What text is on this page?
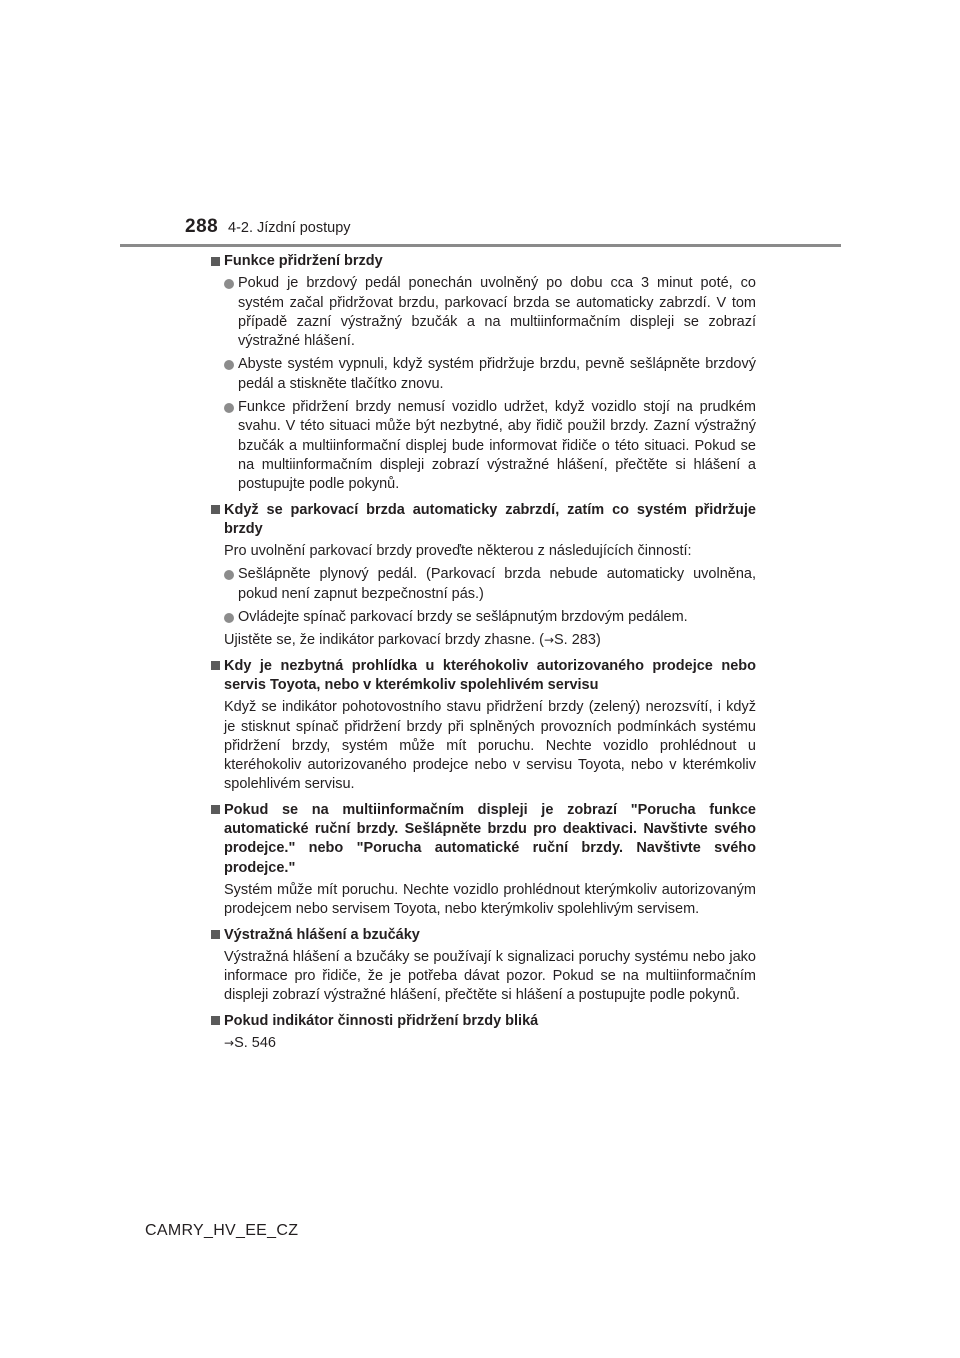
288 4-2. Jízdní postupy
Funkce přidržení brzdy
Pokud je brzdový pedál ponechán uvolněný po dobu cca 3 minut poté, co systém začal přidržovat brzdu, parkovací brzda se automaticky zabrzdí. V tom případě zazní výstražný bzučák a na multiinformačním displeji se zobrazí výstražné hlášení.
Abyste systém vypnuli, když systém přidržuje brzdu, pevně sešlápněte brzdový pedál a stiskněte tlačítko znovu.
Funkce přidržení brzdy nemusí vozidlo udržet, když vozidlo stojí na prudkém svahu. V této situaci může být nezbytné, aby řidič použil brzdy. Zazní výstražný bzučák a multiinformační displej bude informovat řidiče o této situaci. Pokud se na multiinformačním displeji zobrazí výstražné hlášení, přečtěte si hlášení a postupujte podle pokynů.
Když se parkovací brzda automaticky zabrzdí, zatím co systém přidržuje brzdy
Pro uvolnění parkovací brzdy proveďte některou z následujících činností:
Sešlápněte plynový pedál. (Parkovací brzda nebude automaticky uvolněna, pokud není zapnut bezpečnostní pás.)
Ovládejte spínač parkovací brzdy se sešlápnutým brzdovým pedálem.
Ujistěte se, že indikátor parkovací brzdy zhasne. (→S. 283)
Kdy je nezbytná prohlídka u kteréhokoliv autorizovaného prodejce nebo servis Toyota, nebo v kterémkoliv spolehlivém servisu
Když se indikátor pohotovostního stavu přidržení brzdy (zelený) nerozsvítí, i když je stisknut spínač přidržení brzdy při splněných provozních podmínkách systému přidržení brzdy, systém může mít poruchu. Nechte vozidlo prohlédnout u kteréhokoliv autorizovaného prodejce nebo v servisu Toyota, nebo v kterémkoliv spolehlivém servisu.
Pokud se na multiinformačním displeji je zobrazí "Porucha funkce automatické ruční brzdy. Sešlápněte brzdu pro deaktivaci. Navštivte svého prodejce." nebo "Porucha automatické ruční brzdy. Navštivte svého prodejce."
Systém může mít poruchu. Nechte vozidlo prohlédnout kterýmkoliv autorizovaným prodejcem nebo servisem Toyota, nebo kterýmkoliv spolehlivým servisem.
Výstražná hlášení a bzučáky
Výstražná hlášení a bzučáky se používají k signalizaci poruchy systému nebo jako informace pro řidiče, že je potřeba dávat pozor. Pokud se na multiinformačním displeji zobrazí výstražné hlášení, přečtěte si hlášení a postupujte podle pokynů.
Pokud indikátor činnosti přidržení brzdy bliká
→S. 546
CAMRY_HV_EE_CZ
